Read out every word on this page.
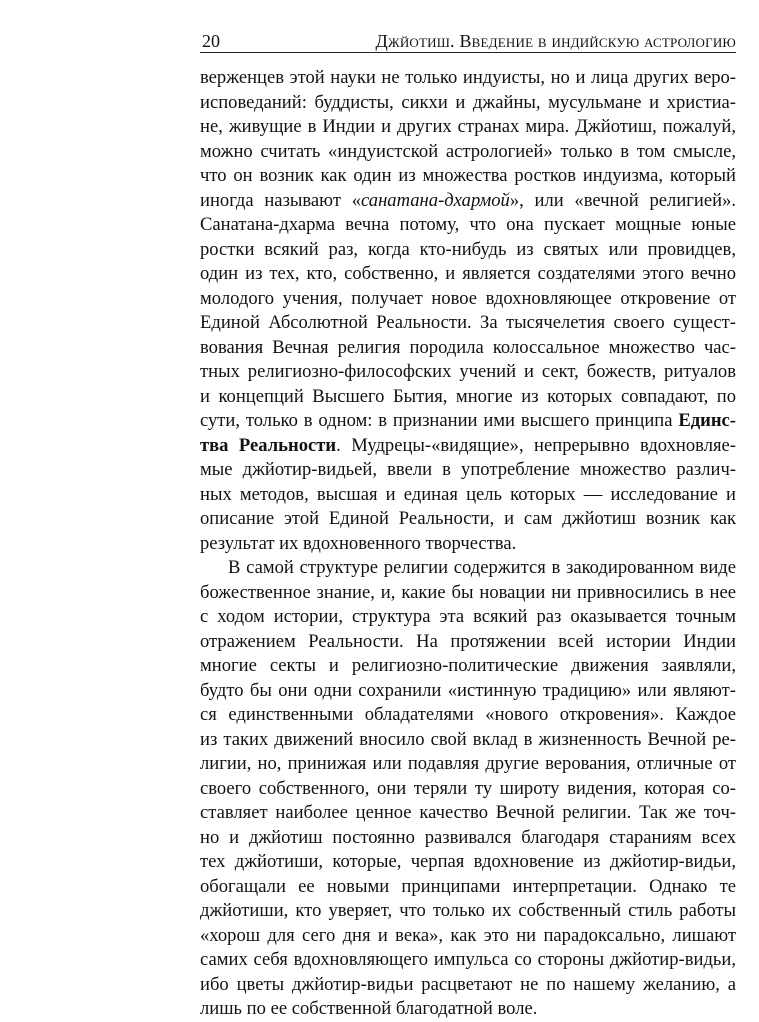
20	Джйотиш. Введение в индийскую астрологию

верженцев этой науки не только индуисты, но и лица других веро-
исповеданий: буддисты, сикхи и джайны, мусульмане и христиа-
не, живущие в Индии и других странах мира. Джйотиш, пожалуй,
можно считать «индуистской астрологией» только в том смысле,
что он возник как один из множества ростков индуизма, который
иногда называют «санатана-дхармой», или «вечной религией».
Санатана-дхарма вечна потому, что она пускает мощные юные
ростки всякий раз, когда кто-нибудь из святых или провидцев,
один из тех, кто, собственно, и является создателями этого вечно
молодого учения, получает новое вдохновляющее откровение от
Единой Абсолютной Реальности. За тысячелетия своего сущест-
вования Вечная религия породила колоссальное множество час-
тных религиозно-философских учений и сект, божеств, ритуалов
и концепций Высшего Бытия, многие из которых совпадают, по
сути, только в одном: в признании ими высшего принципа Единс-
тва Реальности. Мудрецы-«видящие», непрерывно вдохновляе-
мые джйотир-видьей, ввели в употребление множество различ-
ных методов, высшая и единая цель которых — исследование и
описание этой Единой Реальности, и сам джйотиш возник как
результат их вдохновенного творчества.

В самой структуре религии содержится в закодированном виде
божественное знание, и, какие бы новации ни привносились в нее
с ходом истории, структура эта всякий раз оказывается точным
отражением Реальности. На протяжении всей истории Индии
многие секты и религиозно-политические движения заявляли,
будто бы они одни сохранили «истинную традицию» или являют-
ся единственными обладателями «нового откровения». Каждое
из таких движений вносило свой вклад в жизненность Вечной ре-
лигии, но, принижая или подавляя другие верования, отличные от
своего собственного, они теряли ту широту видения, которая со-
ставляет наиболее ценное качество Вечной религии. Так же точ-
но и джйотиш постоянно развивался благодаря стараниям всех
тех джйотиши, которые, черпая вдохновение из джйотир-видьи,
обогащали ее новыми принципами интерпретации. Однако те
джйотиши, кто уверяет, что только их собственный стиль работы
«хорош для сего дня и века», как это ни парадоксально, лишают
самих себя вдохновляющего импульса со стороны джйотир-видьи,
ибо цветы джйотир-видьи расцветают не по нашему желанию, а
лишь по ее собственной благодатной воле.
